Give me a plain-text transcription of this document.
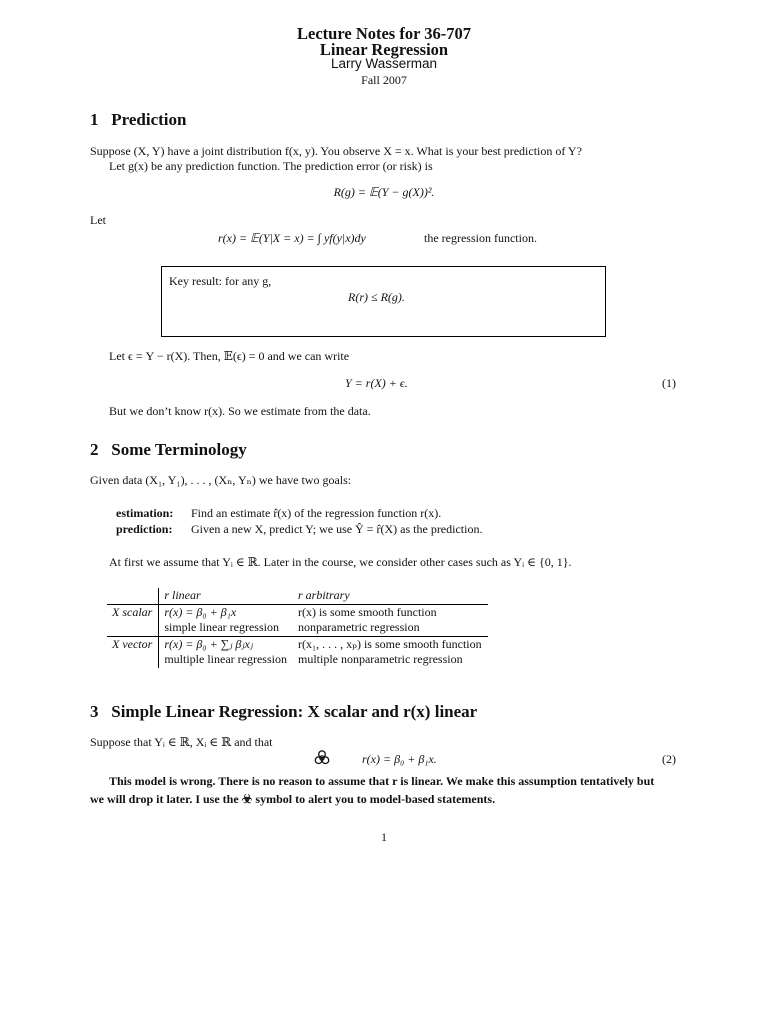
Lecture Notes for 36-707
Linear Regression
Larry Wasserman
Fall 2007
1   Prediction
Suppose (X, Y) have a joint distribution f(x, y). You observe X = x. What is your best prediction of Y?
Let g(x) be any prediction function. The prediction error (or risk) is
R(g) = 𝔼(Y − g(X))².
Let
r(x) = 𝔼(Y|X = x) = ∫ yf(y|x)dy	the regression function.
Key result: for any g,
R(r) ≤ R(g).
Let ϵ = Y − r(X). Then, 𝔼(ϵ) = 0 and we can write
Y = r(X) + ϵ.	(1)
But we don’t know r(x). So we estimate from the data.
2   Some Terminology
Given data (X₁, Y₁), . . . , (Xₙ, Yₙ) we have two goals:
estimation: Find an estimate r̂(x) of the regression function r(x).
prediction: Given a new X, predict Y; we use Ŷ = r̂(X) as the prediction.
At first we assume that Yᵢ ∈ ℝ. Later in the course, we consider other cases such as Yᵢ ∈ {0, 1}.
	r linear	r arbitrary
X scalar	r(x) = β₀ + β₁x	r(x) is some smooth function
	simple linear regression	nonparametric regression
X vector	r(x) = β₀ + ∑ⱼ βⱼxⱼ	r(x₁, . . . , xₚ) is some smooth function
	multiple linear regression	multiple nonparametric regression
3   Simple Linear Regression: X scalar and r(x) linear
Suppose that Yᵢ ∈ ℝ, Xᵢ ∈ ℝ and that
r(x) = β₀ + β₁x.	(2)
This model is wrong. There is no reason to assume that r is linear. We make this assumption tentatively but
we will drop it later. I use the ☣ symbol to alert you to model-based statements.
1
